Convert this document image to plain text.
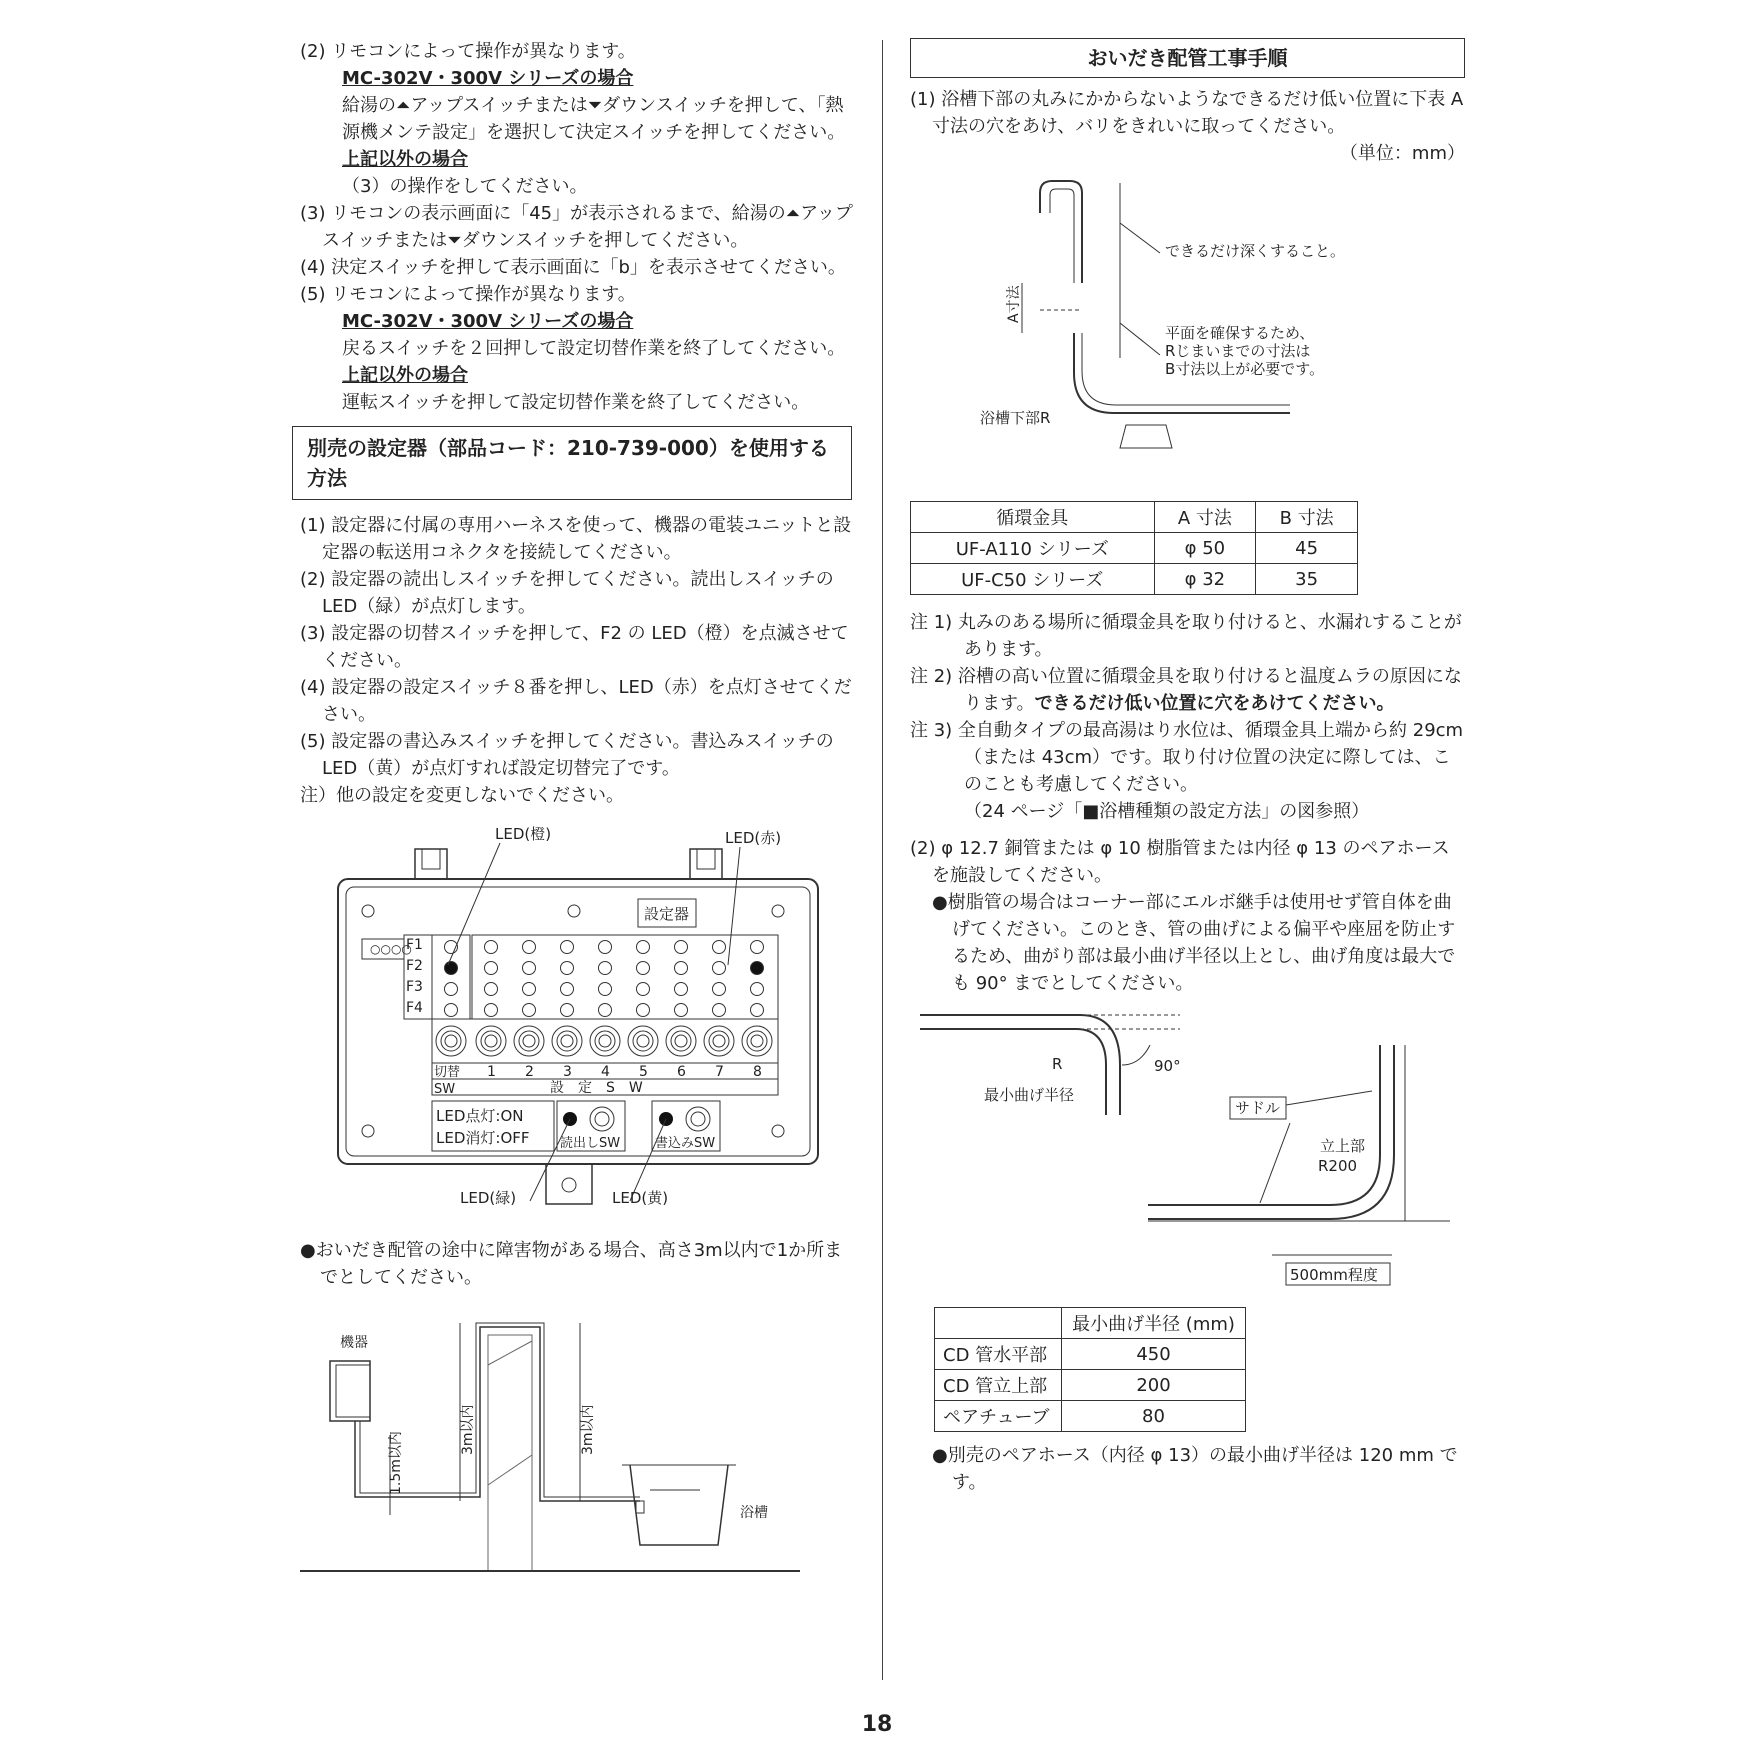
(2) リモコンによって操作が異なります。

MC-302V・300V シリーズの場合

給湯の⏶アップスイッチまたは⏷ダウンスイッチを押して、「熱源機メンテ設定」を選択して決定スイッチを押してください。

上記以外の場合

（3）の操作をしてください。

(3) リモコンの表示画面に「45」が表示されるまで、給湯の⏶アップスイッチまたは⏷ダウンスイッチを押してください。

(4) 決定スイッチを押して表示画面に「b」を表示させてください。

(5) リモコンによって操作が異なります。

MC-302V・300V シリーズの場合

戻るスイッチを２回押して設定切替作業を終了してください。

上記以外の場合

運転スイッチを押して設定切替作業を終了してください。

別売の設定器（部品コード：210-739-000）を使用する方法

(1) 設定器に付属の専用ハーネスを使って、機器の電装ユニットと設定器の転送用コネクタを接続してください。

(2) 設定器の読出しスイッチを押してください。読出しスイッチの LED（緑）が点灯します。

(3) 設定器の切替スイッチを押して、F2 の LED（橙）を点滅させてください。

(4) 設定器の設定スイッチ８番を押し、LED（赤）を点灯させてください。

(5) 設定器の書込みスイッチを押してください。書込みスイッチの LED（黄）が点灯すれば設定切替完了です。

注）他の設定を変更しないでください。

LED(橙)	LED(赤)
設定器
○○○○
F1
F2
F3
F4
切替
SW
1 2 3 4 5 6 7 8
設　定　S　W
LED点灯:ON
LED消灯:OFF 読出しSW	書込みSW
LED(緑)	LED(黄)

●おいだき配管の途中に障害物がある場合、高さ3m以内で1か所までとしてください。

機器
浴槽
1.5m以内
3m以内	3m以内
おいだき配管工事手順

(1) 浴槽下部の丸みにかからないようなできるだけ低い位置に下表 A 寸法の穴をあけ、バリをきれいに取ってください。

（単位：mm）

A寸法
できるだけ深くすること。
平面を確保するため、
Rじまいまでの寸法は
B寸法以上が必要です。
浴槽下部R
循環金具	A 寸法	B 寸法
UF-A110 シリーズ	φ 50	45
UF-C50 シリーズ	φ 32	35

注 1) 丸みのある場所に循環金具を取り付けると、水漏れすることがあります。

注 2) 浴槽の高い位置に循環金具を取り付けると温度ムラの原因になります。できるだけ低い位置に穴をあけてください。

注 3) 全自動タイプの最高湯はり水位は、循環金具上端から約 29cm（または 43cm）です。取り付け位置の決定に際しては、このことも考慮してください。

（24 ページ「■浴槽種類の設定方法」の図参照）

(2) φ 12.7 銅管または φ 10 樹脂管または内径 φ 13 のペアホースを施設してください。

●樹脂管の場合はコーナー部にエルボ継手は使用せず管自体を曲げてください。このとき、管の曲げによる偏平や座屈を防止するため、曲がり部は最小曲げ半径以上とし、曲げ角度は最大でも 90° までとしてください。

R	90°
最小曲げ半径
サドル
立上部
R200
500mm程度
	最小曲げ半径 (mm)
CD 管水平部	450
CD 管立上部	200
ペアチューブ	80

●別売のペアホース（内径 φ 13）の最小曲げ半径は 120 mm です。

18
